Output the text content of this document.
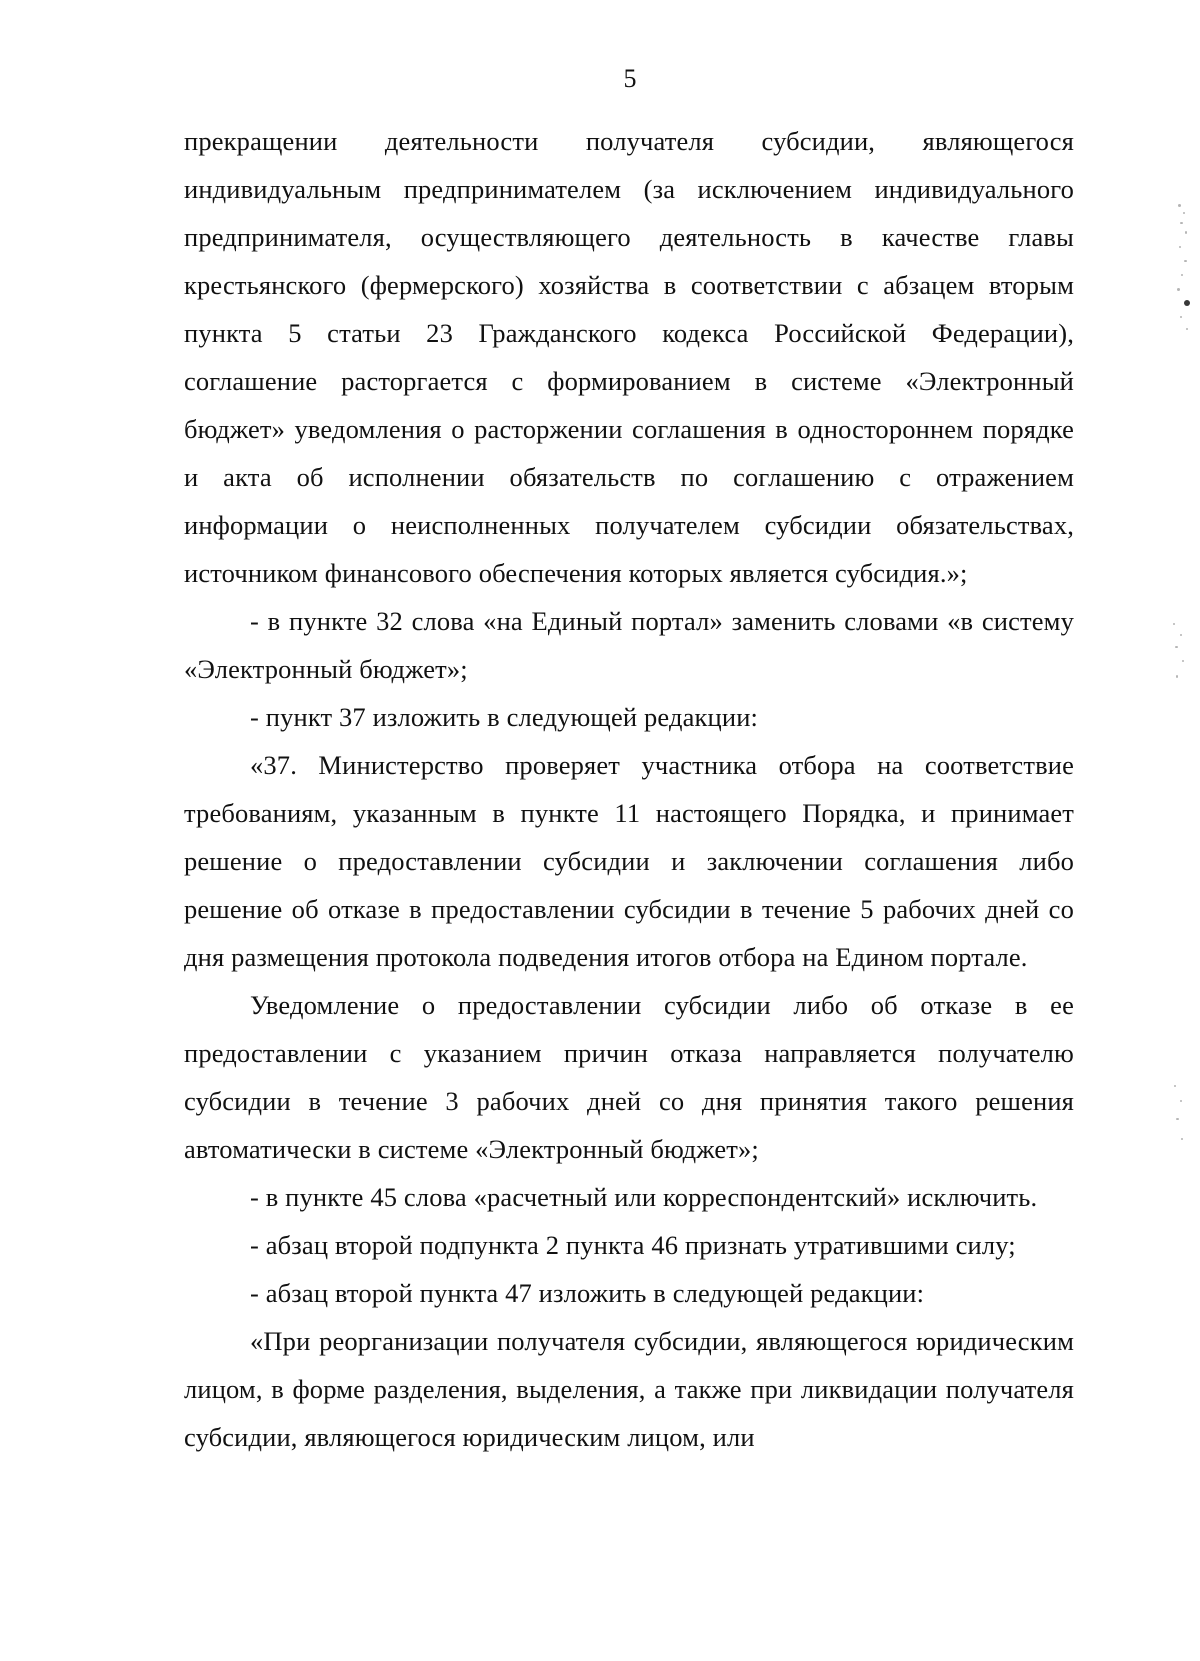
5

прекращении деятельности получателя субсидии, являющегося индивидуальным предпринимателем (за исключением индивидуального предпринимателя, осуществляющего деятельность в качестве главы крестьянского (фермерского) хозяйства в соответствии с абзацем вторым пункта 5 статьи 23 Гражданского кодекса Российской Федерации), соглашение расторгается с формированием в системе «Электронный бюджет» уведомления о расторжении соглашения в одностороннем порядке и акта об исполнении обязательств по соглашению с отражением информации о неисполненных получателем субсидии обязательствах, источником финансового обеспечения которых является субсидия.»;

- в пункте 32 слова «на Единый портал» заменить словами «в систему «Электронный бюджет»;

- пункт 37 изложить в следующей редакции:

«37. Министерство проверяет участника отбора на соответствие требованиям, указанным в пункте 11 настоящего Порядка, и принимает решение о предоставлении субсидии и заключении соглашения либо решение об отказе в предоставлении субсидии в течение 5 рабочих дней со дня размещения протокола подведения итогов отбора на Едином портале.

Уведомление о предоставлении субсидии либо об отказе в ее предоставлении с указанием причин отказа направляется получателю субсидии в течение 3 рабочих дней со дня принятия такого решения автоматически в системе «Электронный бюджет»;

- в пункте 45 слова «расчетный или корреспондентский» исключить.

- абзац второй подпункта 2 пункта 46 признать утратившими силу;

- абзац второй пункта 47 изложить в следующей редакции:

«При реорганизации получателя субсидии, являющегося юридическим лицом, в форме разделения, выделения, а также при ликвидации получателя субсидии, являющегося юридическим лицом, или
